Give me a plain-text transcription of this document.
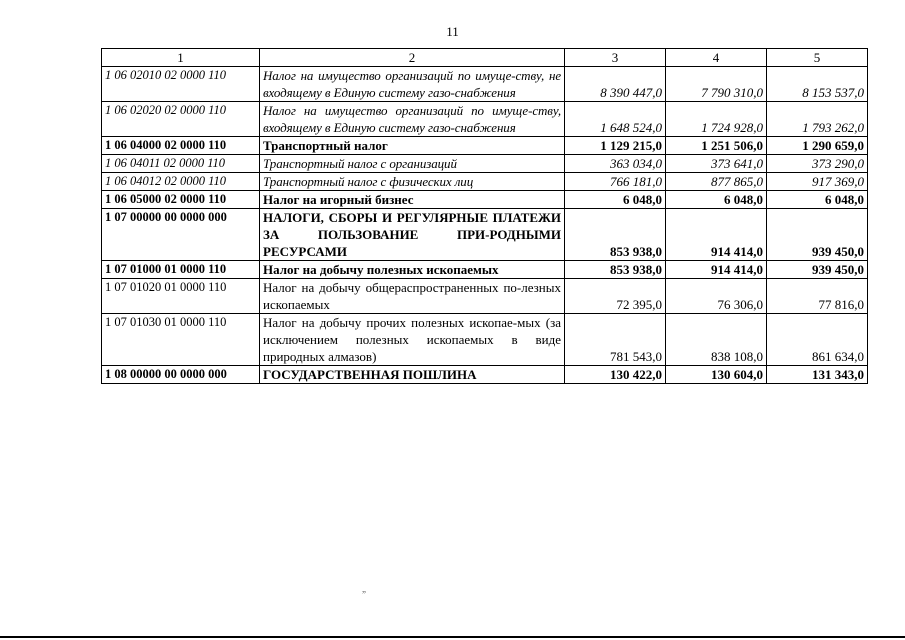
11
1	2	3	4	5
1 06 02010 02 0000 110	Налог на имущество организаций по имуще-ству, не входящему в Единую систему газо-снабжения	8 390 447,0	7 790 310,0	8 153 537,0
1 06 02020 02 0000 110	Налог на имущество организаций по имуще-ству, входящему в Единую систему газо-снабжения	1 648 524,0	1 724 928,0	1 793 262,0
1 06 04000 02 0000 110	Транспортный налог	1 129 215,0	1 251 506,0	1 290 659,0
1 06 04011 02 0000 110	Транспортный налог с организаций	363 034,0	373 641,0	373 290,0
1 06 04012 02 0000 110	Транспортный налог с физических лиц	766 181,0	877 865,0	917 369,0
1 06 05000 02 0000 110	Налог на игорный бизнес	6 048,0	6 048,0	6 048,0
1 07 00000 00 0000 000	НАЛОГИ, СБОРЫ И РЕГУЛЯРНЫЕ ПЛАТЕЖИ ЗА ПОЛЬЗОВАНИЕ ПРИ-РОДНЫМИ РЕСУРСАМИ	853 938,0	914 414,0	939 450,0
1 07 01000 01 0000 110	Налог на добычу полезных ископаемых	853 938,0	914 414,0	939 450,0
1 07 01020 01 0000 110	Налог на добычу общераспространенных по-лезных ископаемых	72 395,0	76 306,0	77 816,0
1 07 01030 01 0000 110	Налог на добычу прочих полезных ископае-мых (за исключением полезных ископаемых в виде природных алмазов)	781 543,0	838 108,0	861 634,0
1 08 00000 00 0000 000	ГОСУДАРСТВЕННАЯ ПОШЛИНА	130 422,0	130 604,0	131 343,0
„
